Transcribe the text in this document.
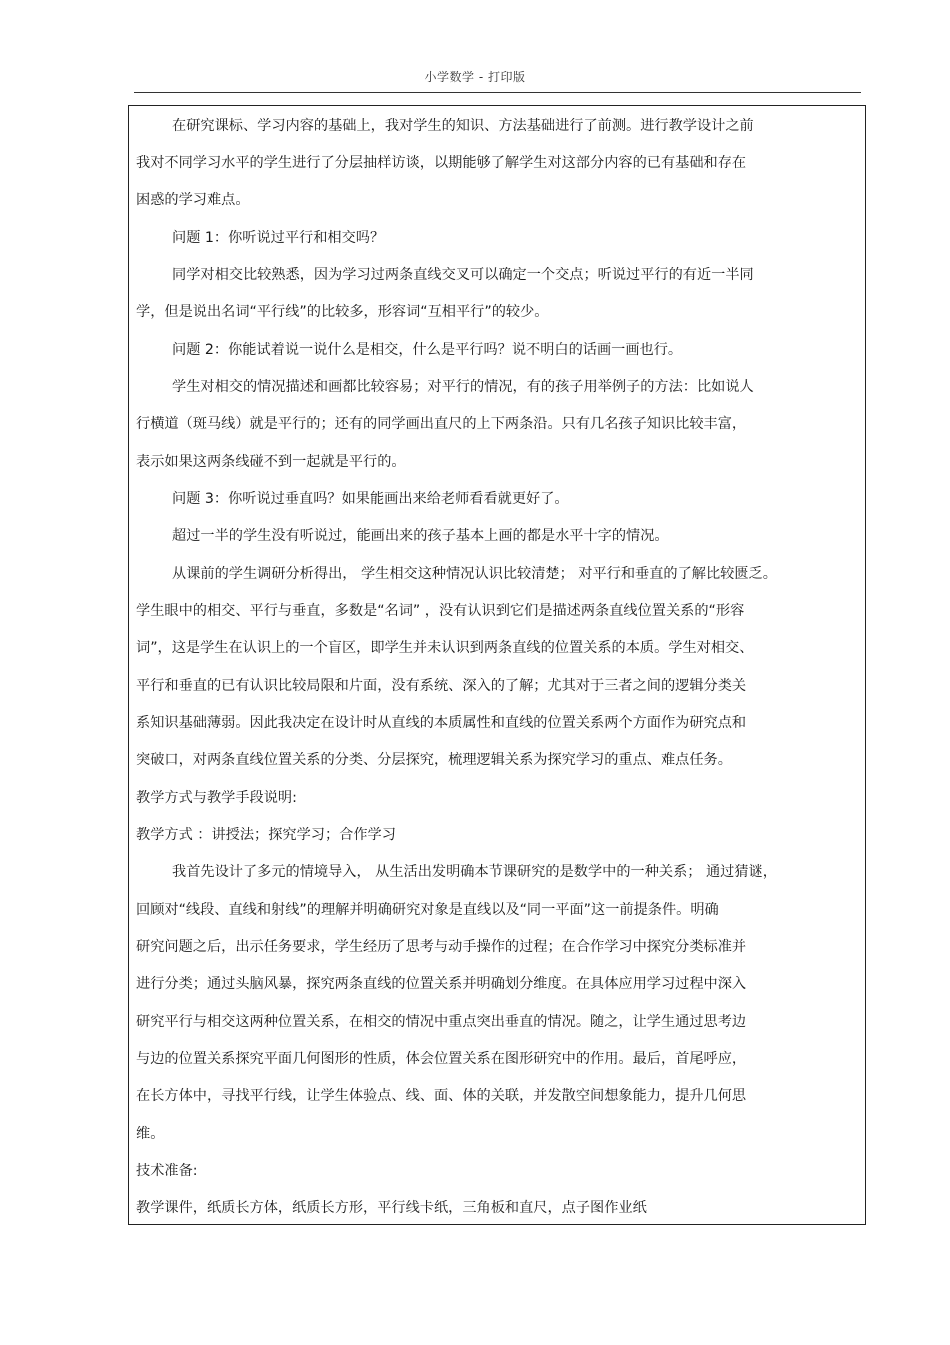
小学数学 - 打印版
在研究课标、学习内容的基础上，我对学生的知识、方法基础进行了前测。进行教学设计之前
我对不同学习水平的学生进行了分层抽样访谈，以期能够了解学生对这部分内容的已有基础和存在
困惑的学习难点。
问题 1：你听说过平行和相交吗？
同学对相交比较熟悉，因为学习过两条直线交叉可以确定一个交点；听说过平行的有近一半同
学，但是说出名词“平行线”的比较多，形容词“互相平行”的较少。
问题 2：你能试着说一说什么是相交，什么是平行吗？说不明白的话画一画也行。
学生对相交的情况描述和画都比较容易；对平行的情况，有的孩子用举例子的方法：比如说人
行横道（斑马线）就是平行的；还有的同学画出直尺的上下两条沿。只有几名孩子知识比较丰富，
表示如果这两条线碰不到一起就是平行的。
问题 3：你听说过垂直吗？如果能画出来给老师看看就更好了。
超过一半的学生没有听说过，能画出来的孩子基本上画的都是水平十字的情况。
从课前的学生调研分析得出， 学生相交这种情况认识比较清楚； 对平行和垂直的了解比较匮乏。
学生眼中的相交、平行与垂直，多数是“名词” ，没有认识到它们是描述两条直线位置关系的“形容
词”，这是学生在认识上的一个盲区，即学生并未认识到两条直线的位置关系的本质。学生对相交、
平行和垂直的已有认识比较局限和片面，没有系统、深入的了解；尤其对于三者之间的逻辑分类关
系知识基础薄弱。因此我决定在设计时从直线的本质属性和直线的位置关系两个方面作为研究点和
突破口，对两条直线位置关系的分类、分层探究，梳理逻辑关系为探究学习的重点、难点任务。
教学方式与教学手段说明:
教学方式 ：讲授法；探究学习；合作学习
我首先设计了多元的情境导入， 从生活出发明确本节课研究的是数学中的一种关系； 通过猜谜，
回顾对“线段、直线和射线”的理解并明确研究对象是直线以及“同一平面”这一前提条件。明确
研究问题之后，出示任务要求，学生经历了思考与动手操作的过程；在合作学习中探究分类标准并
进行分类；通过头脑风暴，探究两条直线的位置关系并明确划分维度。在具体应用学习过程中深入
研究平行与相交这两种位置关系，在相交的情况中重点突出垂直的情况。随之，让学生通过思考边
与边的位置关系探究平面几何图形的性质，体会位置关系在图形研究中的作用。最后，首尾呼应，
在长方体中，寻找平行线，让学生体验点、线、面、体的关联，并发散空间想象能力，提升几何思
维。
技术准备:
教学课件，纸质长方体，纸质长方形，平行线卡纸，三角板和直尺，点子图作业纸
